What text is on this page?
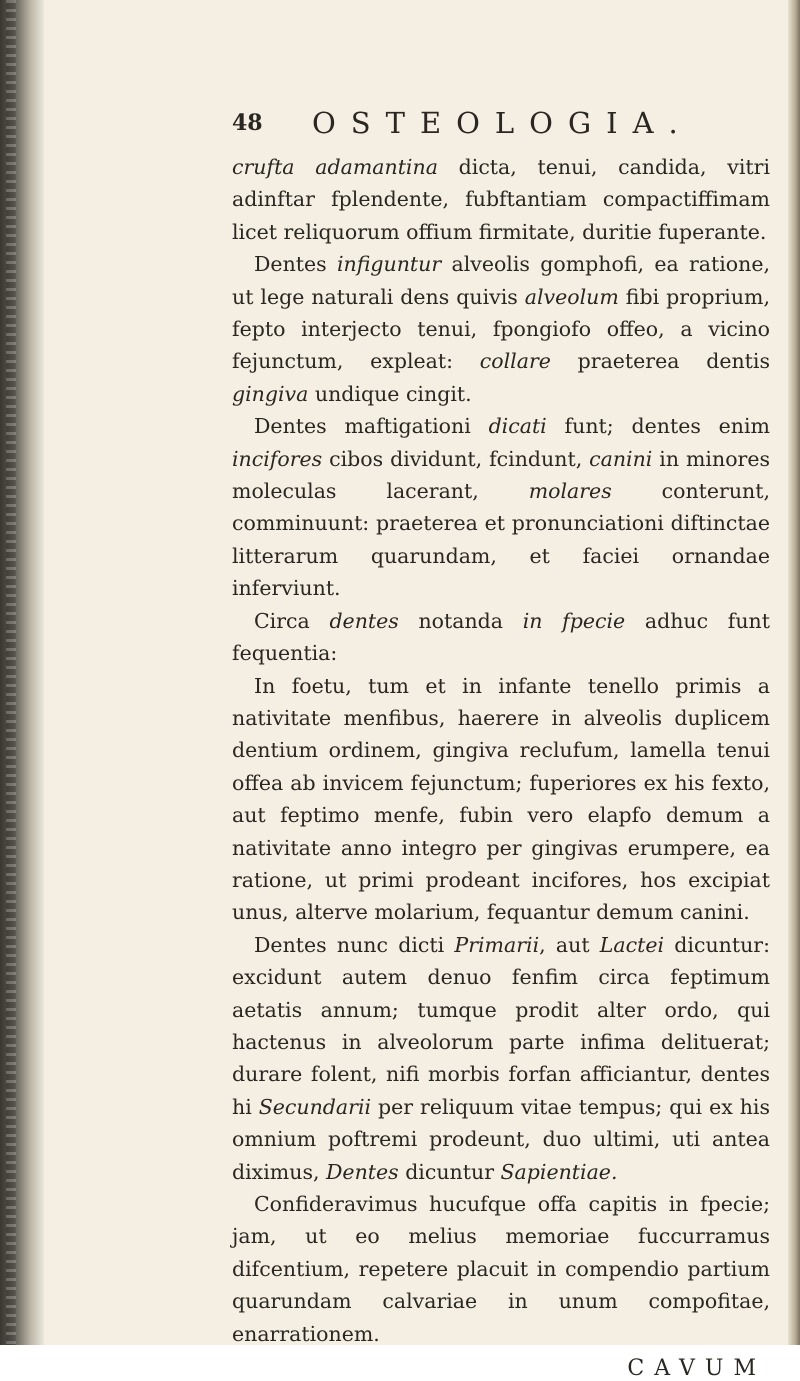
48 OSTEOLOGIA.

crufta adamantina dicta, tenui, candida, vitri adinftar fplendente, fubftantiam compactiffimam licet reliquorum offium firmitate, duritie fuperante.

Dentes infiguntur alveolis gomphofi, ea ratione, ut lege naturali dens quivis alveolum fibi proprium, fepto interjecto tenui, fpongiofo offeo, a vicino fejunctum, expleat: collare praeterea dentis gingiva undique cingit.

Dentes maftigationi dicati funt; dentes enim incifores cibos dividunt, fcindunt, canini in minores moleculas lacerant, molares conterunt, comminuunt: praeterea et pronunciationi diftinctae litterarum quarundam, et faciei ornandae inferviunt.

Circa dentes notanda in fpecie adhuc funt fequentia:

In foetu, tum et in infante tenello primis a nativitate menfibus, haerere in alveolis duplicem dentium ordinem, gingiva reclufum, lamella tenui offea ab invicem fejunctum; fuperiores ex his fexto, aut feptimo menfe, fubin vero elapfo demum a nativitate anno integro per gingivas erumpere, ea ratione, ut primi prodeant incifores, hos excipiat unus, alterve molarium, fequantur demum canini.

Dentes nunc dicti Primarii, aut Lactei dicuntur: excidunt autem denuo fenfim circa feptimum aetatis annum; tumque prodit alter ordo, qui hactenus in alveolorum parte infima delituerat; durare folent, nifi morbis forfan afficiantur, dentes hi Secundarii per reliquum vitae tempus; qui ex his omnium poftremi prodeunt, duo ultimi, uti antea diximus, Dentes dicuntur Sapientiae.

Confideravimus hucufque offa capitis in fpecie; jam, ut eo melius memoriae fuccurramus difcentium, repetere placuit in compendio partium quarundam calvariae in unum compofitae, enarrationem.

CAVUM
